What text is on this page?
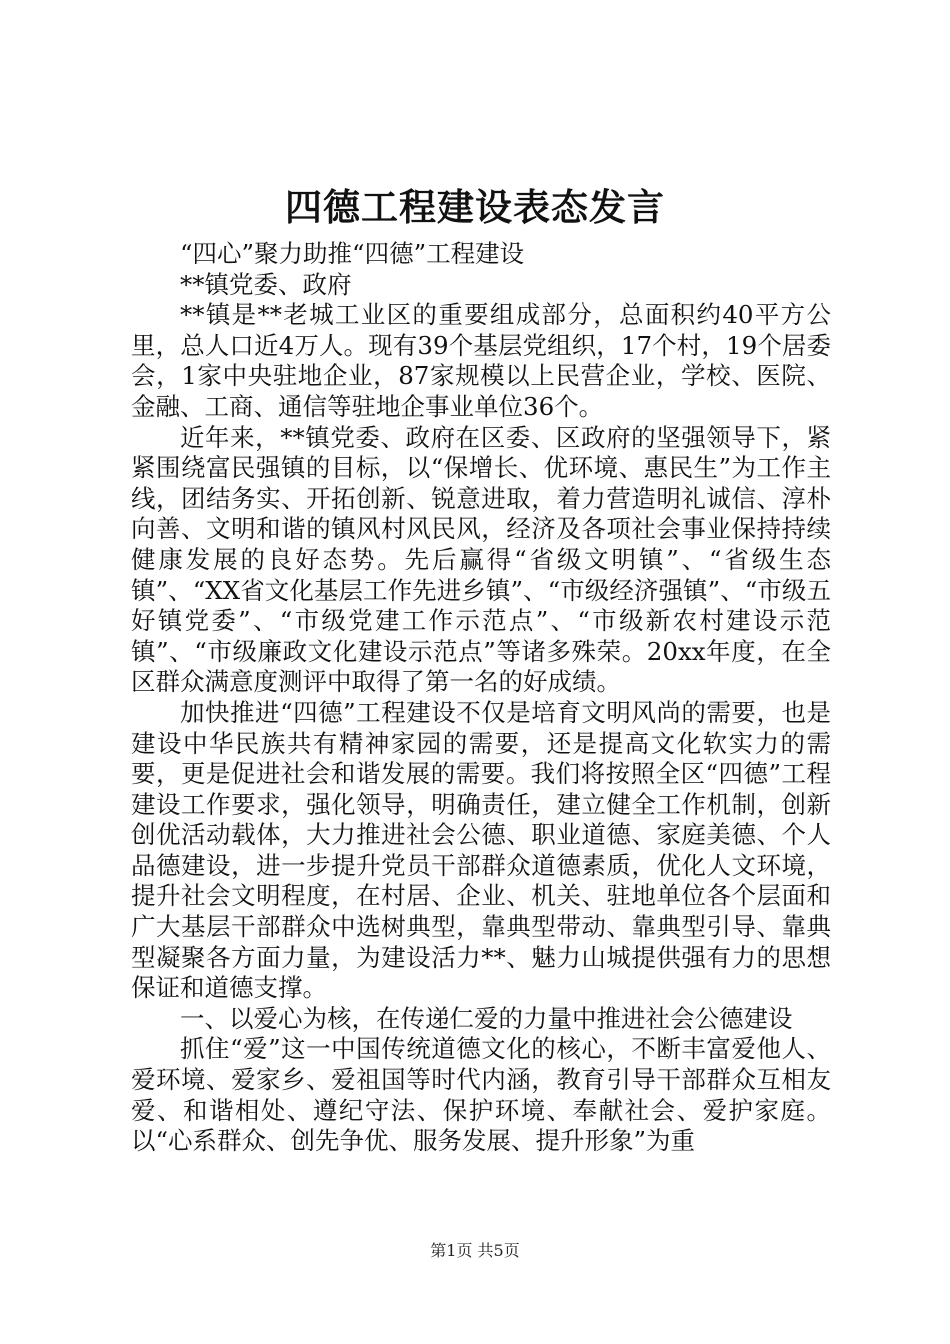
四德工程建设表态发言

“四心”聚力助推“四德”工程建设

**镇党委、政府

**镇是**老城工业区的重要组成部分，总面积约40平方公里，总人口近4万人。现有39个基层党组织，17个村，19个居委会，1家中央驻地企业，87家规模以上民营企业，学校、医院、金融、工商、通信等驻地企事业单位36个。

近年来，**镇党委、政府在区委、区政府的坚强领导下，紧紧围绕富民强镇的目标，以“保增长、优环境、惠民生”为工作主线，团结务实、开拓创新、锐意进取，着力营造明礼诚信、淳朴向善、文明和谐的镇风村风民风，经济及各项社会事业保持持续健康发展的良好态势。先后赢得“省级文明镇”、“省级生态镇”、“XX省文化基层工作先进乡镇”、“市级经济强镇”、“市级五好镇党委”、“市级党建工作示范点”、“市级新农村建设示范镇”、“市级廉政文化建设示范点”等诸多殊荣。20xx年度，在全区群众满意度测评中取得了第一名的好成绩。

加快推进“四德”工程建设不仅是培育文明风尚的需要，也是建设中华民族共有精神家园的需要，还是提高文化软实力的需要，更是促进社会和谐发展的需要。我们将按照全区“四德”工程建设工作要求，强化领导，明确责任，建立健全工作机制，创新创优活动载体，大力推进社会公德、职业道德、家庭美德、个人品德建设，进一步提升党员干部群众道德素质，优化人文环境，提升社会文明程度，在村居、企业、机关、驻地单位各个层面和广大基层干部群众中选树典型，靠典型带动、靠典型引导、靠典型凝聚各方面力量，为建设活力**、魅力山城提供强有力的思想保证和道德支撑。

一、以爱心为核，在传递仁爱的力量中推进社会公德建设

抓住“爱”这一中国传统道德文化的核心，不断丰富爱他人、爱环境、爱家乡、爱祖国等时代内涵，教育引导干部群众互相友爱、和谐相处、遵纪守法、保护环境、奉献社会、爱护家庭。以“心系群众、创先争优、服务发展、提升形象”为重

第1页 共5页
